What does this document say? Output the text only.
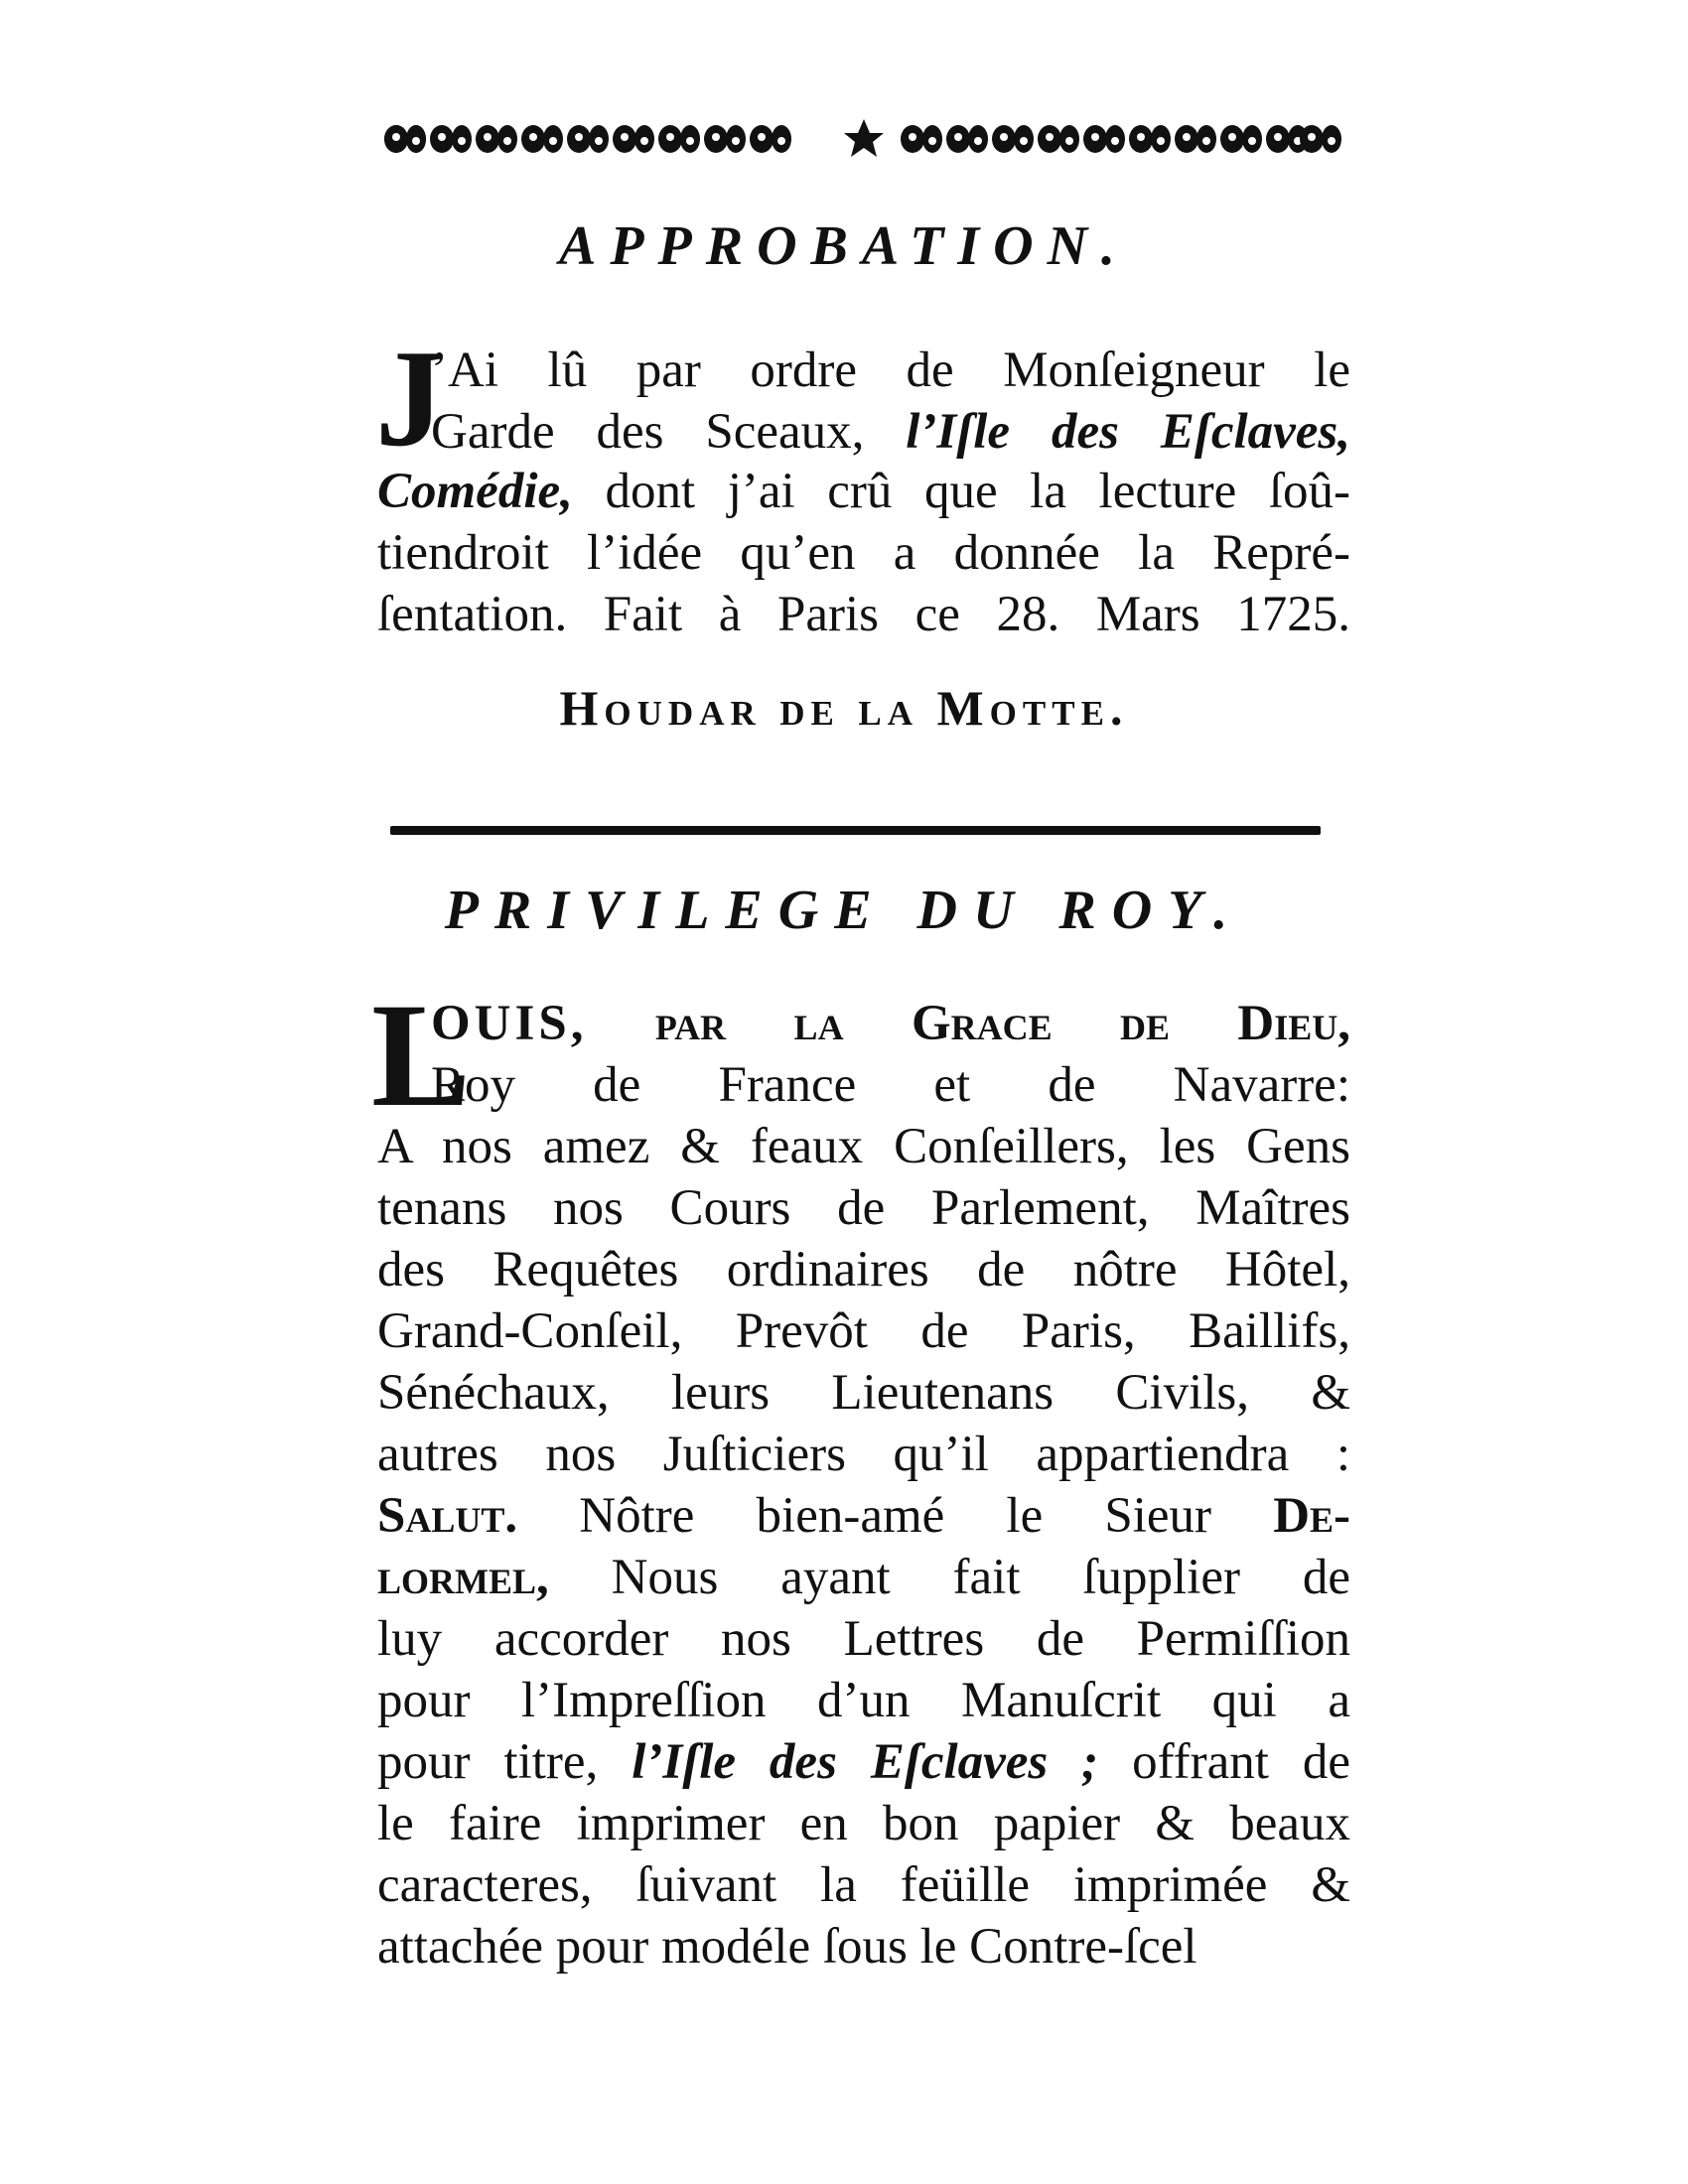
APPROBATION.
J
’Ai lû par ordre de Monſeigneur le
Garde des Sceaux, l’Iſle des Eſclaves,
Comédie, dont j’ai crû que la lecture ſoû-
tiendroit l’idée qu’en a donnée la Repré-
ſentation. Fait à Paris ce 28. Mars 1725.
Houdar de la Motte.
PRIVILEGE DU ROY.
L
OUIS, par la Grace de Dieu,
Roy de France et de Navarre:
A nos amez & feaux Conſeillers, les Gens
tenans nos Cours de Parlement, Maîtres
des Requêtes ordinaires de nôtre Hôtel,
Grand-Conſeil, Prevôt de Paris, Baillifs,
Sénéchaux, leurs Lieutenans Civils, &
autres nos Juſticiers qu’il appartiendra :
Salut. Nôtre bien-amé le Sieur De-
lormel, Nous ayant fait ſupplier de
luy accorder nos Lettres de Permiſſion
pour l’Impreſſion d’un Manuſcrit qui a
pour titre, l’Iſle des Eſclaves ; offrant de
le faire imprimer en bon papier & beaux
caracteres, ſuivant la feüille imprimée &
attachée pour modéle ſous le Contre-ſcel
